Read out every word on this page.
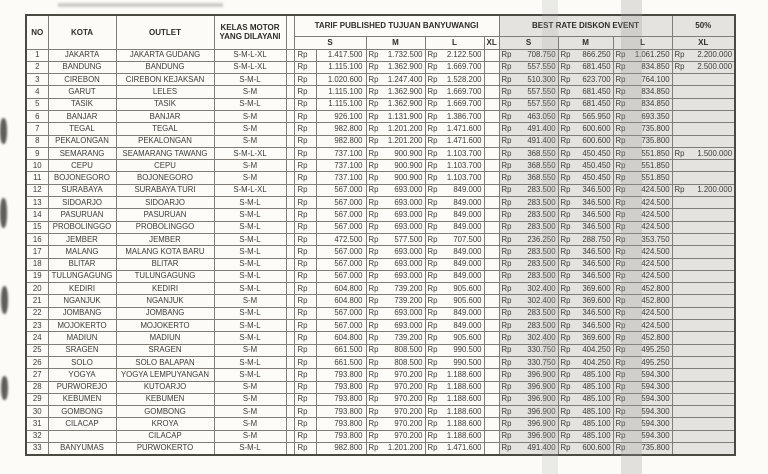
NO	KOTA	OUTLET	KELAS MOTOR YANG DILAYANI		TARIF PUBLISHED TUJUAN BANYUWANGI					BEST RATE DISKON EVENT			50%
					S		M	L	XL	S	M	L	XL
1	JAKARTA	JAKARTA GUDANG	S-M-L-XL		Rp	1.417.500	Rp 1.732.500	Rp 2.122.500		Rp 708.750	Rp 866.250	Rp 1.061.250	Rp 2.200.000

2	BANDUNG	BANDUNG	S-M-L-XL		Rp	1.115.100	Rp 1.362.900	Rp 1.669.700		Rp 557.550	Rp 681.450	Rp 834.850	Rp 2.500.000

3	CIREBON	CIREBON KEJAKSAN	S-M-L		Rp	1.020.600	Rp 1.247.400	Rp 1.528.200		Rp 510.300	Rp 623.700	Rp 764.100	

4	GARUT	LELES	S-M		Rp	1.115.100	Rp 1.362.900	Rp 1.669.700		Rp 557.550	Rp 681.450	Rp 834.850	

5	TASIK	TASIK	S-M-L		Rp	1.115.100	Rp 1.362.900	Rp 1.669.700		Rp 557.550	Rp 681.450	Rp 834.850	

6	BANJAR	BANJAR	S-M		Rp	926.100	Rp 1.131.900	Rp 1.386.700		Rp 463.050	Rp 565.950	Rp 693.350	

7	TEGAL	TEGAL	S-M		Rp	982.800	Rp 1.201.200	Rp 1.471.600		Rp 491.400	Rp 600.600	Rp 735.800	

8	PEKALONGAN	PEKALONGAN	S-M		Rp	982.800	Rp 1.201.200	Rp 1.471.600		Rp 491.400	Rp 600.600	Rp 735.800	

9	SEMARANG	SEAMARANG TAWANG	S-M-L-XL		Rp	737.100	Rp 900.900	Rp 1.103.700		Rp 368.550	Rp 450.450	Rp 551.850	Rp 1.500.000

10	CEPU	CEPU	S-M		Rp	737.100	Rp 900.900	Rp 1.103.700		Rp 368.550	Rp 450.450	Rp 551.850	

11	BOJONEGORO	BOJONEGORO	S-M		Rp	737.100	Rp 900.900	Rp 1.103.700		Rp 368.550	Rp 450.450	Rp 551.850	

12	SURABAYA	SURABAYA TURI	S-M-L-XL		Rp	567.000	Rp 693.000	Rp 849.000		Rp 283.500	Rp 346.500	Rp 424.500	Rp 1.200.000

13	SIDOARJO	SIDOARJO	S-M-L		Rp	567.000	Rp 693.000	Rp 849.000		Rp 283.500	Rp 346.500	Rp 424.500	

14	PASURUAN	PASURUAN	S-M-L		Rp	567.000	Rp 693.000	Rp 849.000		Rp 283.500	Rp 346.500	Rp 424.500	

15	PROBOLINGGO	PROBOLINGGO	S-M-L		Rp	567.000	Rp 693.000	Rp 849.000		Rp 283.500	Rp 346.500	Rp 424.500	

16	JEMBER	JEMBER	S-M-L		Rp	472.500	Rp 577.500	Rp 707.500		Rp 236.250	Rp 288.750	Rp 353.750	

17	MALANG	MALANG KOTA BARU	S-M-L		Rp	567.000	Rp 693.000	Rp 849.000		Rp 283.500	Rp 346.500	Rp 424.500	

18	BLITAR	BLITAR	S-M-L		Rp	567.000	Rp 693.000	Rp 849.000		Rp 283.500	Rp 346.500	Rp 424.500	

19	TULUNGAGUNG	TULUNGAGUNG	S-M-L		Rp	567.000	Rp 693.000	Rp 849.000		Rp 283.500	Rp 346.500	Rp 424.500	

20	KEDIRI	KEDIRI	S-M-L		Rp	604.800	Rp 739.200	Rp 905.600		Rp 302.400	Rp 369.600	Rp 452.800	

21	NGANJUK	NGANJUK	S-M		Rp	604.800	Rp 739.200	Rp 905.600		Rp 302.400	Rp 369.600	Rp 452.800	

22	JOMBANG	JOMBANG	S-M-L		Rp	567.000	Rp 693.000	Rp 849.000		Rp 283.500	Rp 346.500	Rp 424.500	

23	MOJOKERTO	MOJOKERTO	S-M-L		Rp	567.000	Rp 693.000	Rp 849.000		Rp 283.500	Rp 346.500	Rp 424.500	

24	MADIUN	MADIUN	S-M-L		Rp	604.800	Rp 739.200	Rp 905.600		Rp 302.400	Rp 369.600	Rp 452.800	

25	SRAGEN	SRAGEN	S-M		Rp	661.500	Rp 808.500	Rp 990.500		Rp 330.750	Rp 404.250	Rp 495.250	

26	SOLO	SOLO BALAPAN	S-M-L		Rp	661.500	Rp 808.500	Rp 990.500		Rp 330.750	Rp 404.250	Rp 495.250	

27	YOGYA	YOGYA LEMPUYANGAN	S-M-L		Rp	793.800	Rp 970.200	Rp 1.188.600		Rp 396.900	Rp 485.100	Rp 594.300	

28	PURWOREJO	KUTOARJO	S-M		Rp	793.800	Rp 970.200	Rp 1.188.600		Rp 396.900	Rp 485.100	Rp 594.300	

29	KEBUMEN	KEBUMEN	S-M		Rp	793.800	Rp 970.200	Rp 1.188.600		Rp 396.900	Rp 485.100	Rp 594.300	

30	GOMBONG	GOMBONG	S-M		Rp	793.800	Rp 970.200	Rp 1.188.600		Rp 396.900	Rp 485.100	Rp 594.300	

31	CILACAP	KROYA	S-M		Rp	793.800	Rp 970.200	Rp 1.188.600		Rp 396.900	Rp 485.100	Rp 594.300	

32		CILACAP	S-M		Rp	793.800	Rp 970.200	Rp 1.188.600		Rp 396.900	Rp 485.100	Rp 594.300	

33	BANYUMAS	PURWOKERTO	S-M-L		Rp	982.800	Rp 1.201.200	Rp 1.471.600		Rp 491.400	Rp 600.600	Rp 735.800	
